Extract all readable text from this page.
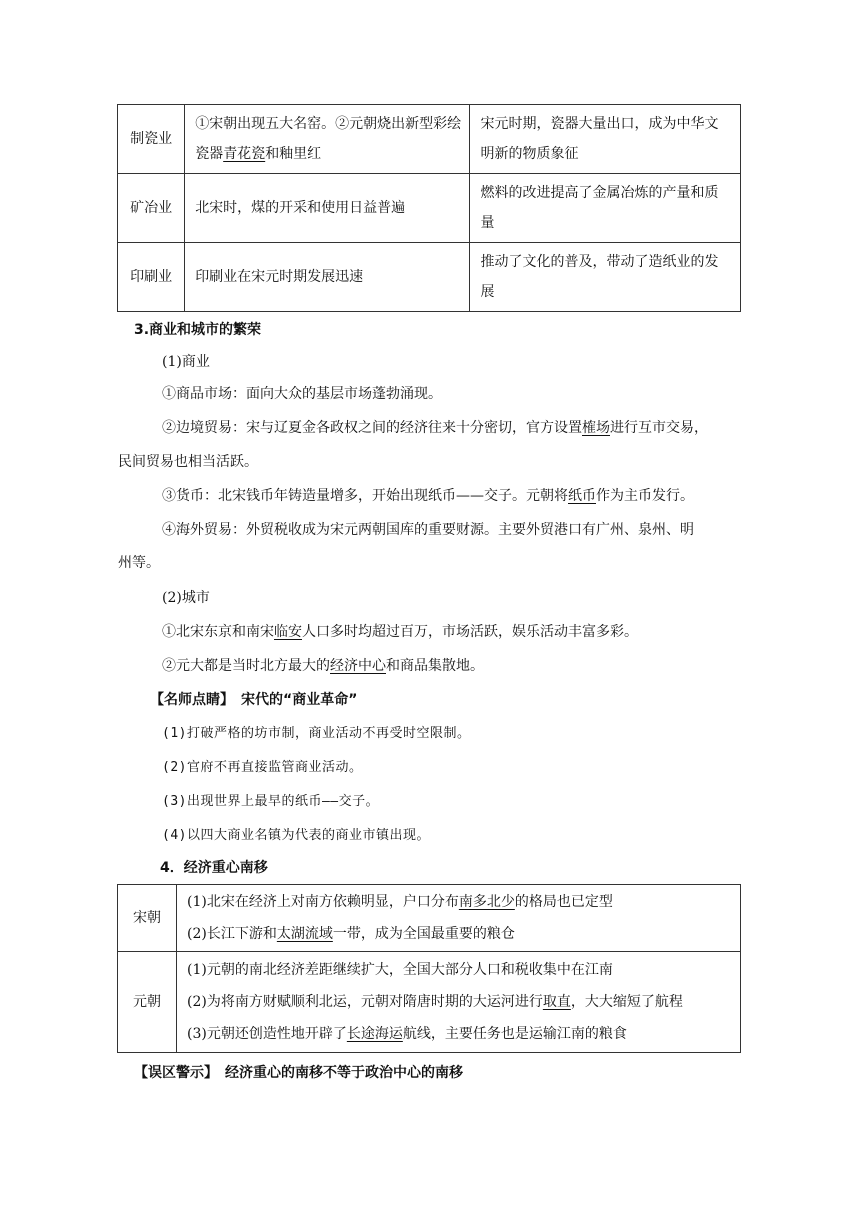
制瓷业	①宋朝出现五大名窑。②元朝烧出新型彩绘瓷器青花瓷和釉里红	宋元时期，瓷器大量出口，成为中华文明新的物质象征
矿冶业	北宋时，煤的开采和使用日益普遍	燃料的改进提高了金属冶炼的产量和质量
印刷业	印刷业在宋元时期发展迅速	推动了文化的普及，带动了造纸业的发展
3.商业和城市的繁荣
(1)商业
①商品市场：面向大众的基层市场蓬勃涌现。
②边境贸易：宋与辽夏金各政权之间的经济往来十分密切，官方设置榷场进行互市交易，
民间贸易也相当活跃。
③货币：北宋钱币年铸造量增多，开始出现纸币——交子。元朝将纸币作为主币发行。
④海外贸易：外贸税收成为宋元两朝国库的重要财源。主要外贸港口有广州、泉州、明
州等。
(2)城市
①北宋东京和南宋临安人口多时均超过百万，市场活跃，娱乐活动丰富多彩。
②元大都是当时北方最大的经济中心和商品集散地。
【名师点睛】　宋代的“商业革命”
(1)打破严格的坊市制，商业活动不再受时空限制。
(2)官府不再直接监管商业活动。
(3)出现世界上最早的纸币——交子。
(4)以四大商业名镇为代表的商业市镇出现。
4．经济重心南移
宋朝	(1)北宋在经济上对南方依赖明显，户口分布南多北少的格局也已定型
(2)长江下游和太湖流域一带，成为全国最重要的粮仓

元朝	(1)元朝的南北经济差距继续扩大，全国大部分人口和税收集中在江南
(2)为将南方财赋顺利北运，元朝对隋唐时期的大运河进行取直，大大缩短了航程
(3)元朝还创造性地开辟了长途海运航线，主要任务也是运输江南的粮食
【误区警示】　经济重心的南移不等于政治中心的南移
